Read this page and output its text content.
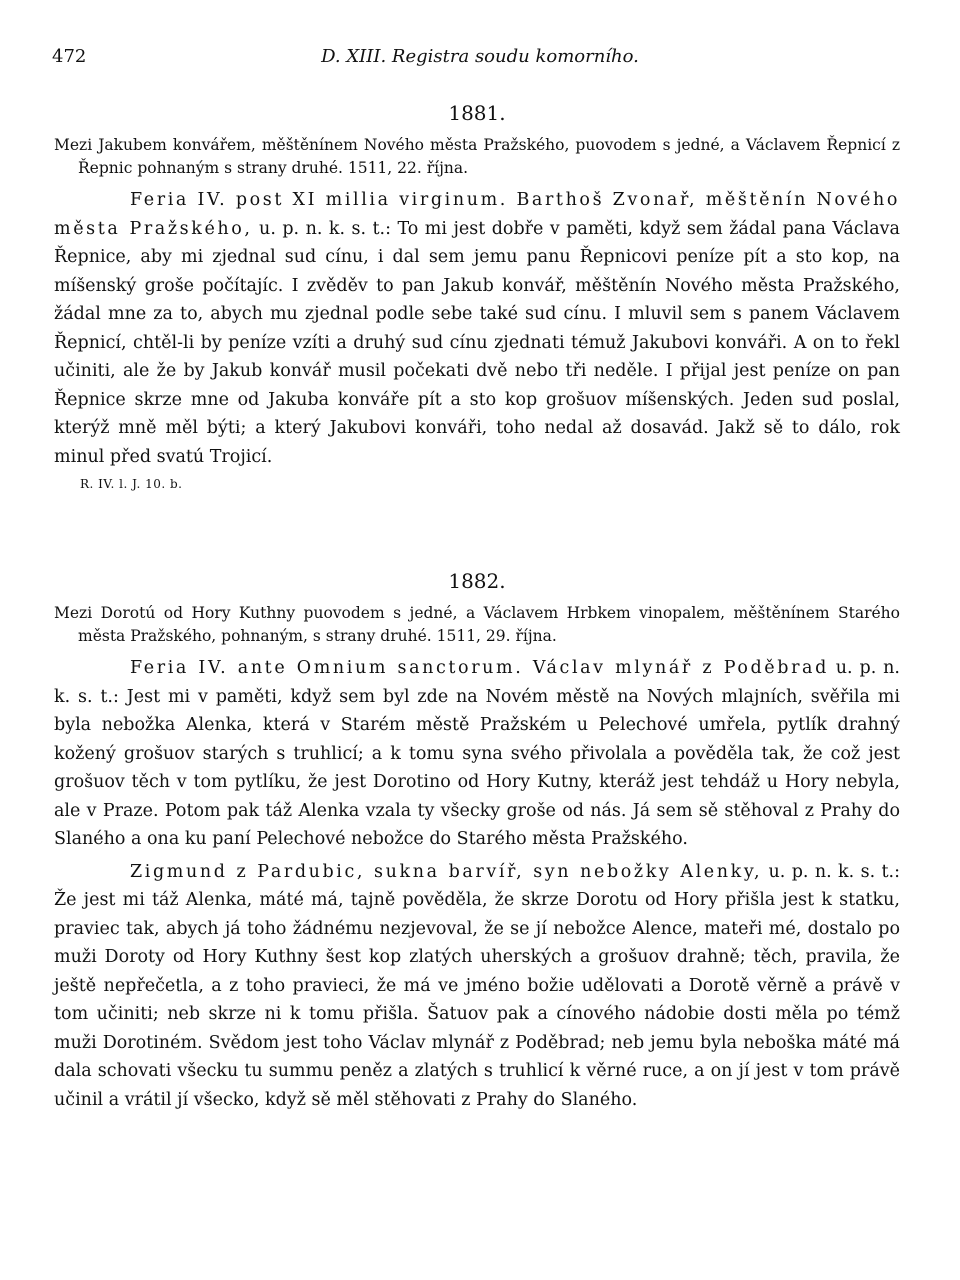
472	D. XIII. Registra soudu komorního.

1881.

Mezi Jakubem konvářem, měštěnínem Nového města Pražského, puovodem s jedné, a Václavem Řepnicí z Řepnic pohnaným s strany druhé. 1511, 22. října.

Feria IV. post XI millia virginum. Barthoš Zvonař, měštěnín Nového města Pražského, u. p. n. k. s. t.: To mi jest dobře v paměti, když sem žádal pana Václava Řepnice, aby mi zjednal sud cínu, i dal sem jemu panu Řepnicovi peníze pít a sto kop, na míšenský groše počítajíc. I zvěděv to pan Jakub konvář, měštěnín Nového města Pražského, žádal mne za to, abych mu zjednal podle sebe také sud cínu. I mluvil sem s panem Václavem Řepnicí, chtěl-li by peníze vzíti a druhý sud cínu zjednati témuž Jakubovi konváři. A on to řekl učiniti, ale že by Jakub konvář musil počekati dvě nebo tři neděle. I přijal jest peníze on pan Řepnice skrze mne od Jakuba konváře pít a sto kop grošuov míšenských. Jeden sud poslal, kterýž mně měl býti; a který Jakubovi konváři, toho nedal až dosavád. Jakž sě to dálo, rok minul před svatú Trojicí.

R. IV. l. J. 10. b.

1882.

Mezi Dorotú od Hory Kuthny puovodem s jedné, a Václavem Hrbkem vinopalem, měštěnínem Starého města Pražského, pohnaným, s strany druhé. 1511, 29. října.

Feria IV. ante Omnium sanctorum. Václav mlynář z Poděbrad u. p. n. k. s. t.: Jest mi v paměti, když sem byl zde na Novém městě na Nových mlajních, svěřila mi byla nebožka Alenka, která v Starém městě Pražském u Pelechové umřela, pytlík drahný kožený grošuov starých s truhlicí; a k tomu syna svého přivolala a pověděla tak, že což jest grošuov těch v tom pytlíku, že jest Dorotino od Hory Kutny, kteráž jest tehdáž u Hory nebyla, ale v Praze. Potom pak táž Alenka vzala ty všecky groše od nás. Já sem sě stěhoval z Prahy do Slaného a ona ku paní Pelechové nebožce do Starého města Pražského.

Zigmund z Pardubic, sukna barvíř, syn nebožky Alenky, u. p. n. k. s. t.: Že jest mi táž Alenka, máté má, tajně pověděla, že skrze Dorotu od Hory přišla jest k statku, praviec tak, abych já toho žádnému nezjevoval, že se jí nebožce Alence, mateři mé, dostalo po muži Doroty od Hory Kuthny šest kop zlatých uherských a grošuov drahně; těch, pravila, že ještě nepřečetla, a z toho pravieci, že má ve jméno božie udělovati a Dorotě věrně a právě v tom učiniti; neb skrze ni k tomu přišla. Šatuov pak a cínového nádobie dosti měla po témž muži Dorotiném. Svědom jest toho Václav mlynář z Poděbrad; neb jemu byla neboška máté má dala schovati všecku tu summu peněz a zlatých s truhlicí k věrné ruce, a on jí jest v tom právě učinil a vrátil jí všecko, když sě měl stěhovati z Prahy do Slaného.
